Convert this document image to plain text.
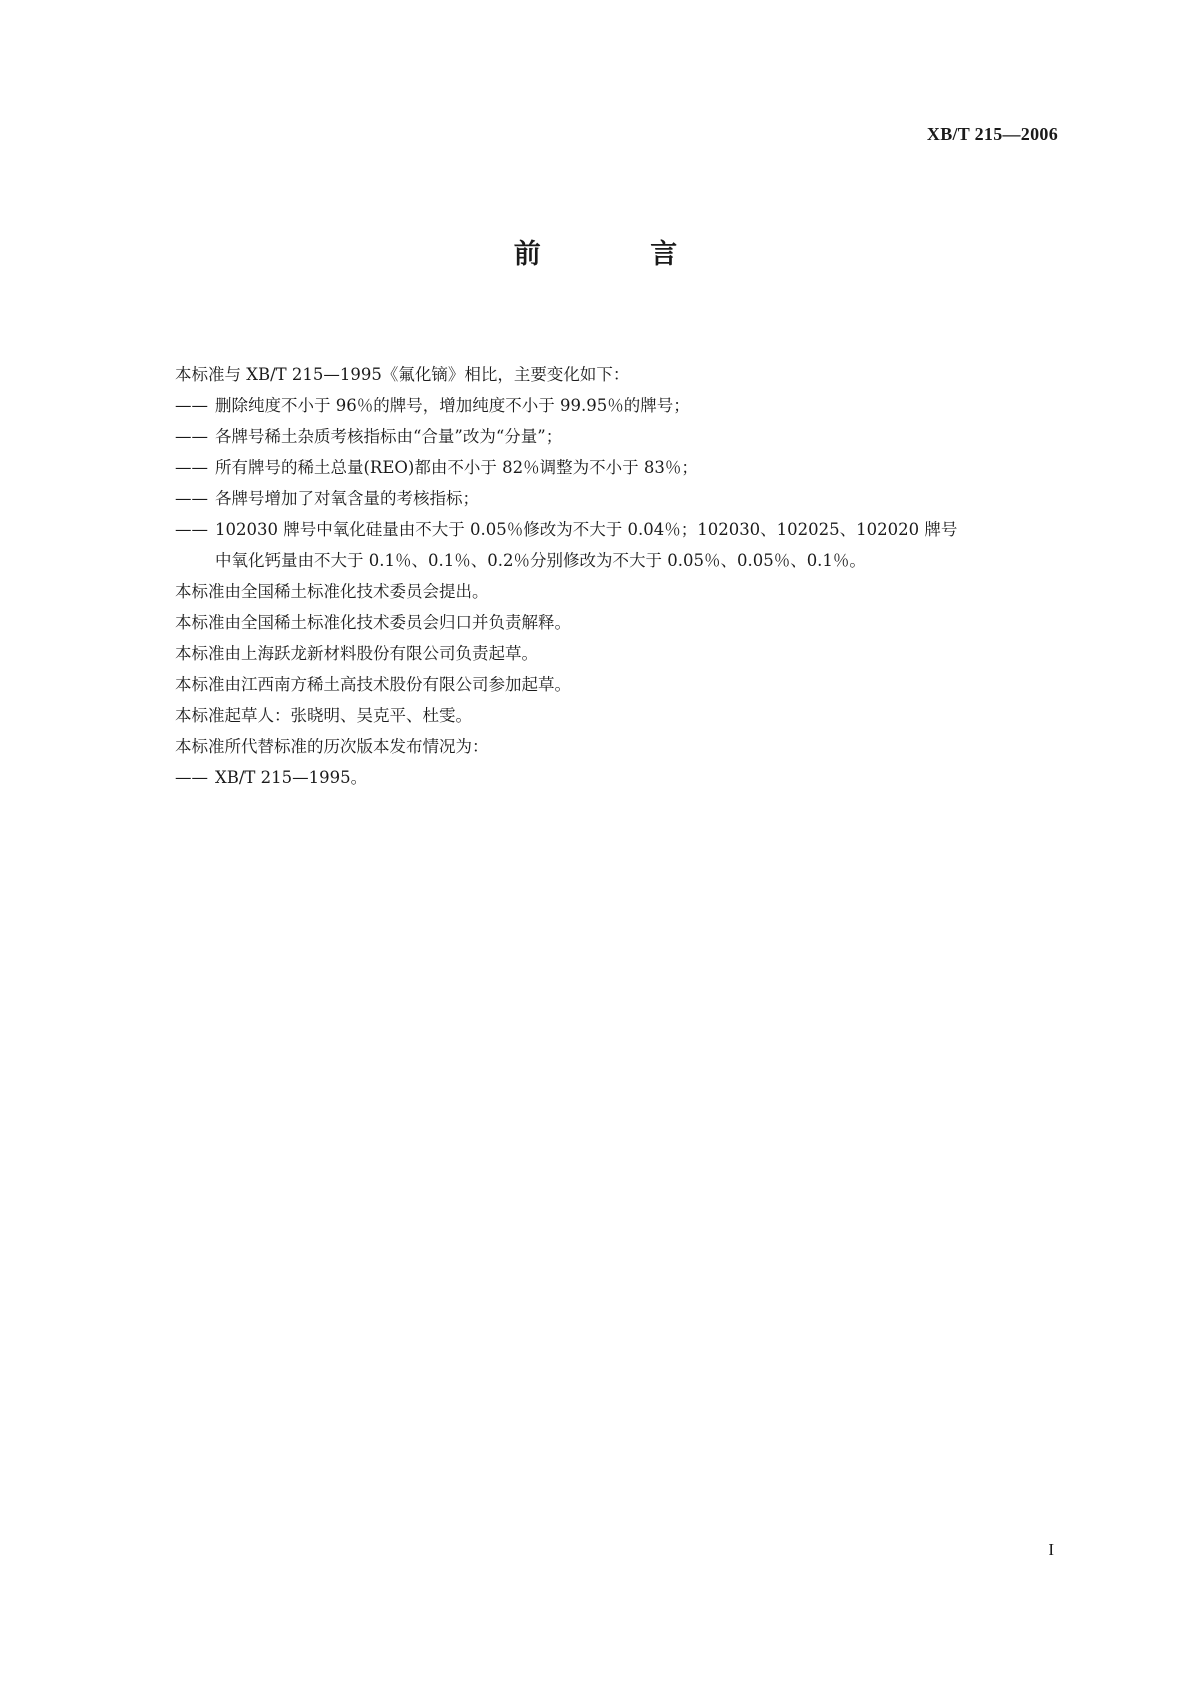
XB/T 215—2006
前 言
本标准与 XB/T 215—1995《氟化镝》相比，主要变化如下：
—— 删除纯度不小于 96％的牌号，增加纯度不小于 99.95％的牌号；
—— 各牌号稀土杂质考核指标由“合量”改为“分量”；
—— 所有牌号的稀土总量(REO)都由不小于 82％调整为不小于 83％；
—— 各牌号增加了对氧含量的考核指标；
—— 102030 牌号中氧化硅量由不大于 0.05％修改为不大于 0.04％；102030、102025、102020 牌号
中氧化钙量由不大于 0.1％、0.1％、0.2％分别修改为不大于 0.05％、0.05％、0.1％。
本标准由全国稀土标准化技术委员会提出。
本标准由全国稀土标准化技术委员会归口并负责解释。
本标准由上海跃龙新材料股份有限公司负责起草。
本标准由江西南方稀土高技术股份有限公司参加起草。
本标准起草人：张晓明、吴克平、杜雯。
本标准所代替标准的历次版本发布情况为：
—— XB/T 215—1995。
I
